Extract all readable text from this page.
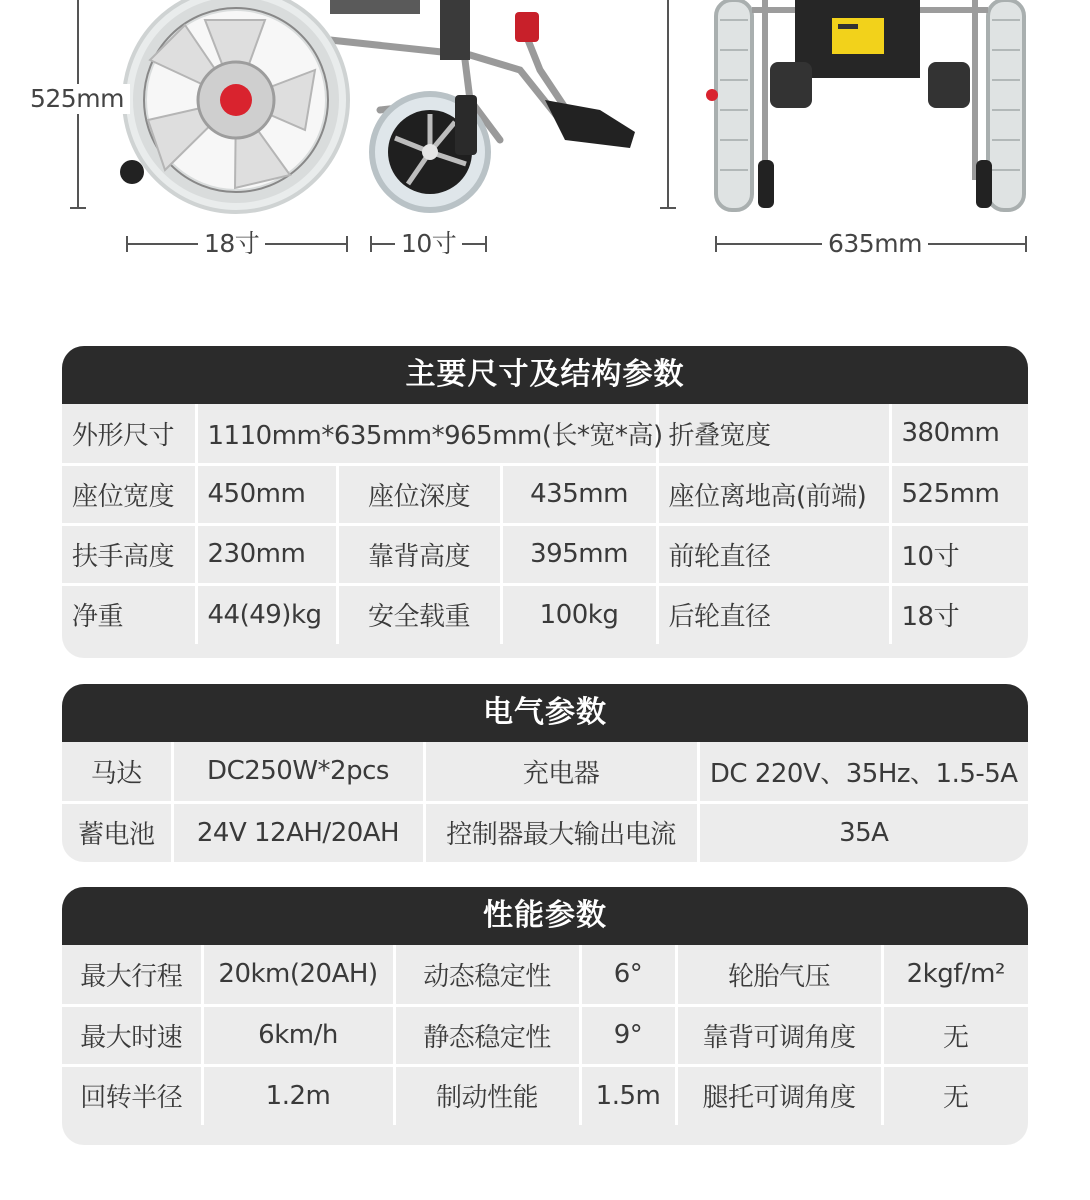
525mm
18寸	10寸	635mm
主要尺寸及结构参数
外形尺寸	1110mm*635mm*965mm(长*宽*高)			折叠宽度	380mm
座位宽度	450mm	座位深度	435mm	座位离地高(前端)	525mm
扶手高度	230mm	靠背高度	395mm	前轮直径	10寸
净重	44(49)kg	安全载重	100kg	后轮直径	18寸
电气参数
马达	DC250W*2pcs	充电器	DC 220V、35Hz、1.5-5A
蓄电池	24V 12AH/20AH	控制器最大输出电流	35A
性能参数
最大行程	20km(20AH)	动态稳定性	6°	轮胎气压	2kgf/m²
最大时速	6km/h	静态稳定性	9°	靠背可调角度	无
回转半径	1.2m	制动性能	1.5m	腿托可调角度	无
